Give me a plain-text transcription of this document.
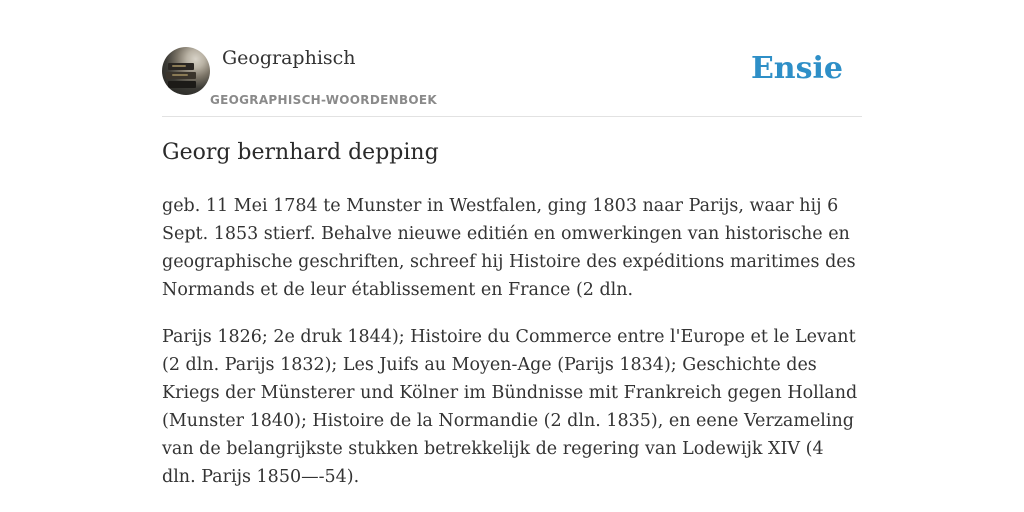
Geographisch
GEOGRAPHISCH-WOORDENBOEK
Ensie
Georg bernhard depping

geb. 11 Mei 1784 te Munster in Westfalen, ging 1803 naar Parijs, waar hij 6 Sept. 1853 stierf. Behalve nieuwe editién en omwerkingen van historische en geographische geschriften, schreef hij Histoire des expéditions maritimes des Normands et de leur établissement en France (2 dln.

Parijs 1826; 2e druk 1844); Histoire du Commerce entre l'Europe et le Levant (2 dln. Parijs 1832); Les Juifs au Moyen-Age (Parijs 1834); Geschichte des Kriegs der Münsterer und Kölner im Bündnisse mit Frankreich gegen Holland (Munster 1840); Histoire de la Normandie (2 dln. 1835), en eene Verzameling van de belangrijkste stukken betrekkelijk de regering van Lodewijk XIV (4 dln. Parijs 1850—-54).
